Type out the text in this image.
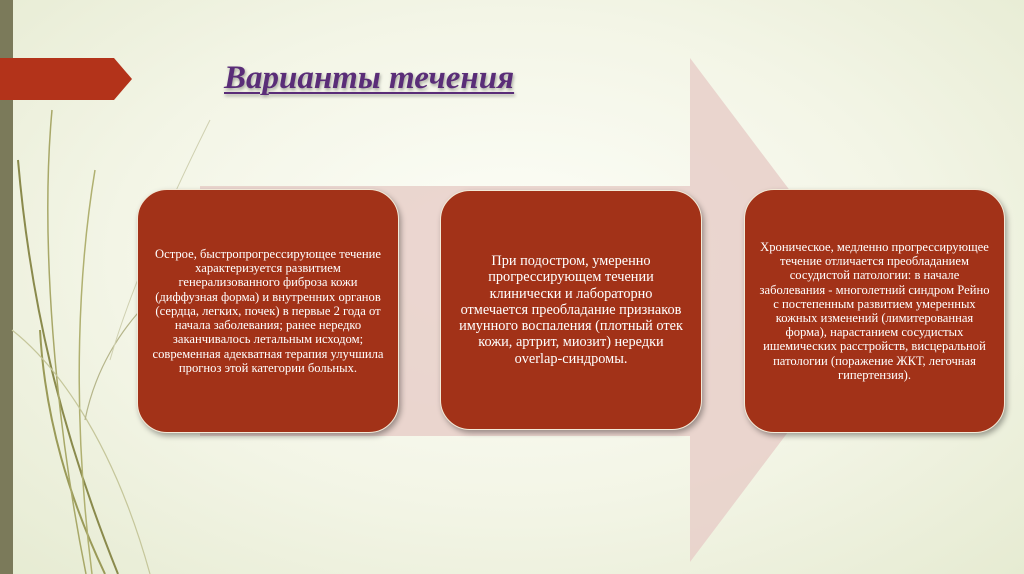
Варианты течения

Острое, быстропрогрессирующее течение характеризуется развитием генерализованного фиброза кожи (диффузная форма) и внутренних органов (сердца, легких, почек) в первые 2 года от начала заболевания; ранее нередко заканчивалось летальным исходом; современная адекватная терапия улучшила прогноз этой категории больных.

При подостром, умеренно прогрессирующем течении клинически и лабораторно отмечается преобладание признаков имунного воспаления (плотный отек кожи, артрит, миозит) нередки overlap-синдромы.

Хроническое, медленно прогрессирующее течение отличается преобладанием сосудистой патологии: в начале заболевания - многолетний синдром Рейно с постепенным развитием умеренных кожных изменений (лимитерованная форма), нарастанием сосудистых ишемических расстройств, висцеральной патологии (поражение ЖКТ, легочная гипертензия).
